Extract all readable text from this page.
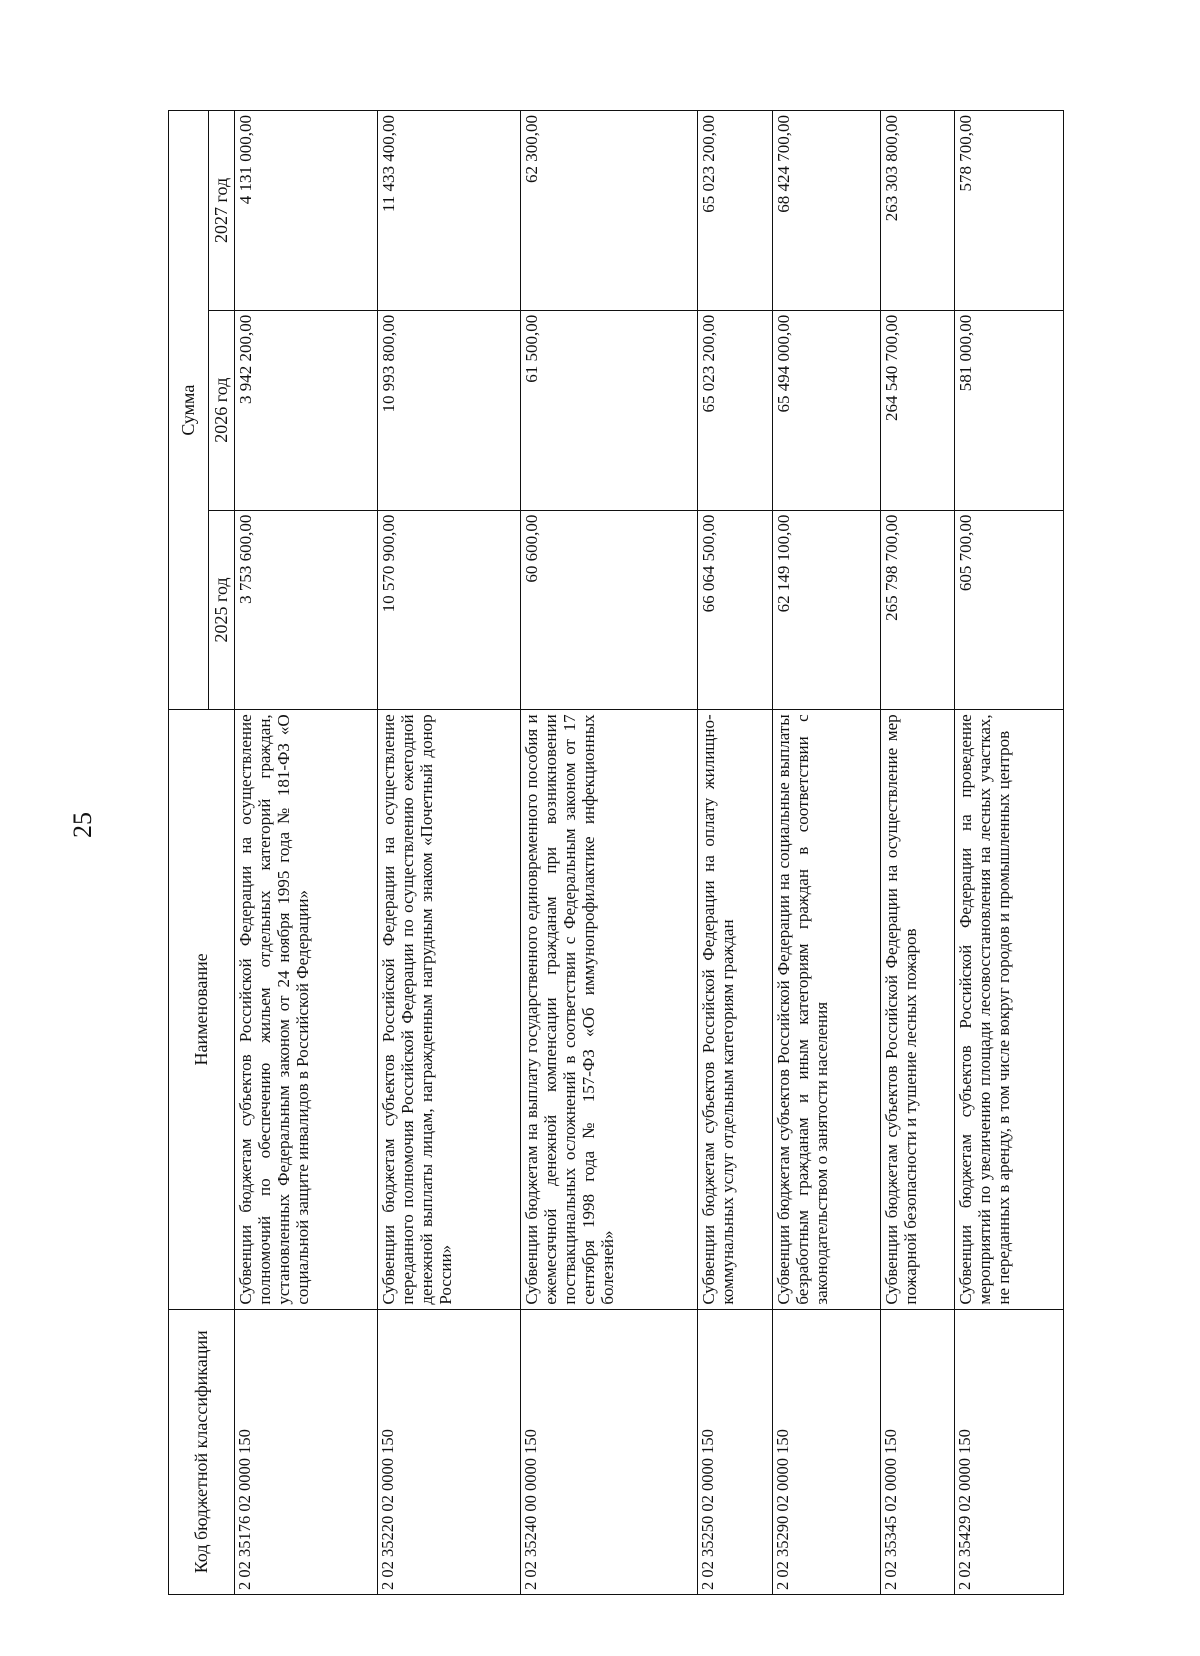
25
Код бюджетной классификации	Наименование	Сумма		
		2025 год	2026 год	2027 год
2 02 35176 02 0000 150	Субвенции бюджетам субъектов Российской Федерации на осуществление полномочий по обеспечению жильем отдельных категорий граждан, установленных Федеральным законом от 24 ноября 1995 года № 181-ФЗ «О социальной защите инвалидов в Российской Федерации»	3 753 600,00	3 942 200,00	4 131 000,00
2 02 35220 02 0000 150	Субвенции бюджетам субъектов Российской Федерации на осуществление переданного полномочия Российской Федерации по осуществлению ежегодной денежной выплаты лицам, награжденным нагрудным знаком «Почетный донор России»	10 570 900,00	10 993 800,00	11 433 400,00
2 02 35240 00 0000 150	Субвенции бюджетам на выплату государственного единовременного пособия и ежемесячной денежной компенсации гражданам при возникновении поствакцинальных осложнений в соответствии с Федеральным законом от 17 сентября 1998 года № 157-ФЗ «Об иммунопрофилактике инфекционных болезней»	60 600,00	61 500,00	62 300,00
2 02 35250 02 0000 150	Субвенции бюджетам субъектов Российской Федерации на оплату жилищно-коммунальных услуг отдельным категориям граждан	66 064 500,00	65 023 200,00	65 023 200,00
2 02 35290 02 0000 150	Субвенции бюджетам субъектов Российской Федерации на социальные выплаты безработным гражданам и иным категориям граждан в соответствии с законодательством о занятости населения	62 149 100,00	65 494 000,00	68 424 700,00
2 02 35345 02 0000 150	Субвенции бюджетам субъектов Российской Федерации на осуществление мер пожарной безопасности и тушение лесных пожаров	265 798 700,00	264 540 700,00	263 303 800,00
2 02 35429 02 0000 150	Субвенции бюджетам субъектов Российской Федерации на проведение мероприятий по увеличению площади лесовосстановления на лесных участках, не переданных в аренду, в том числе вокруг городов и промышленных центров	605 700,00	581 000,00	578 700,00
